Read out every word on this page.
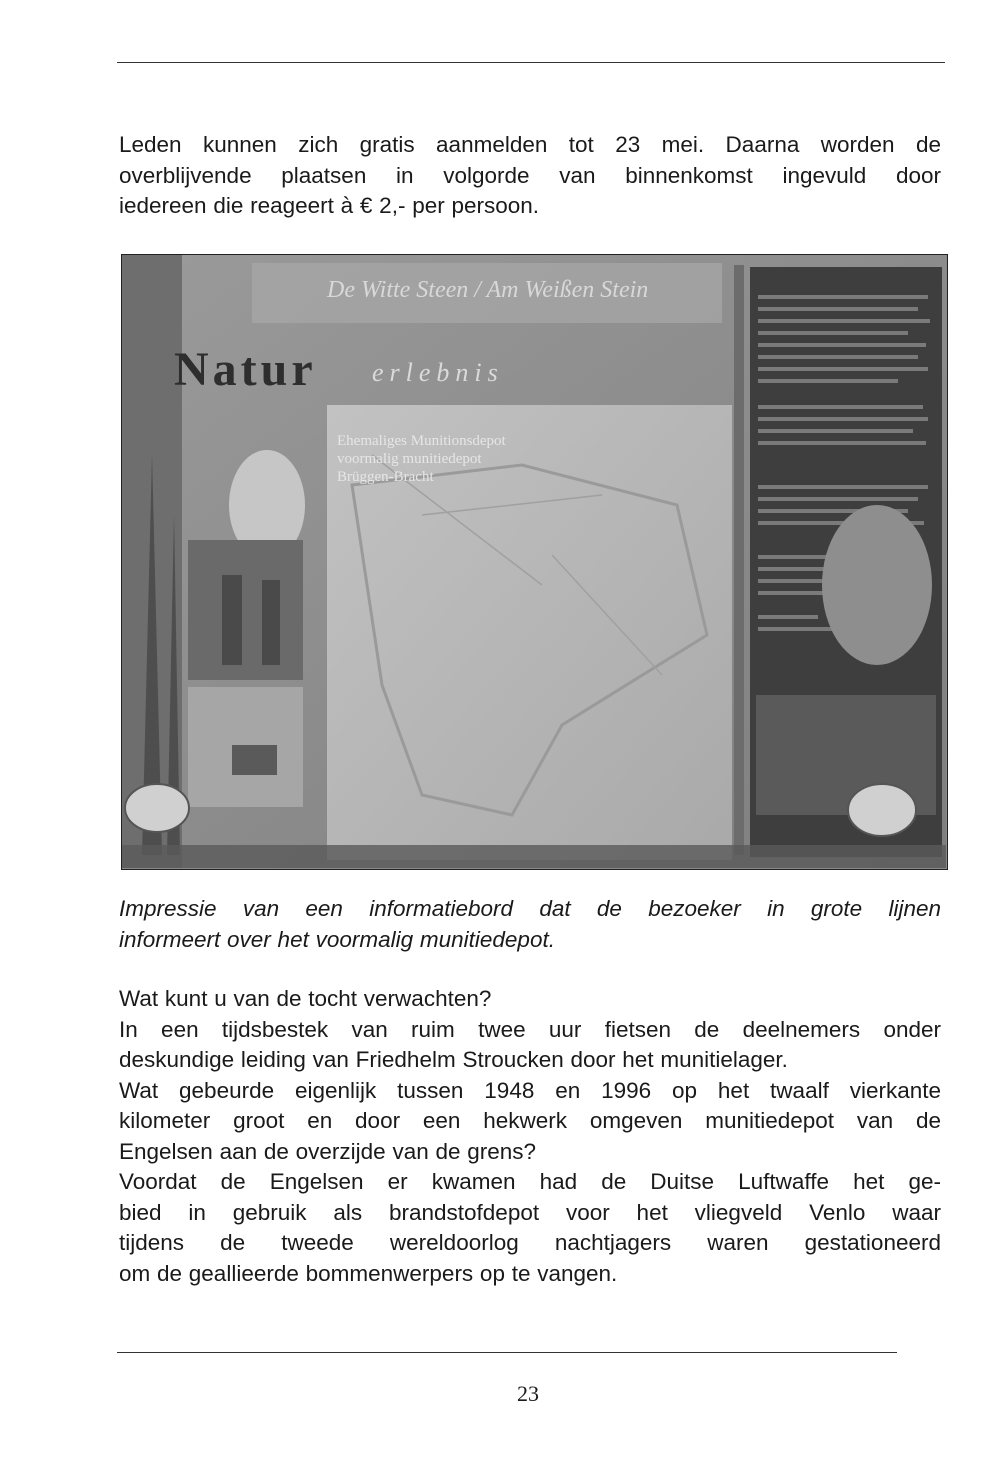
Leden kunnen zich gratis aanmelden tot 23 mei. Daarna worden de
overblijvende plaatsen in volgorde van binnenkomst ingevuld door
iedereen die reageert à € 2,- per persoon.
De Witte Steen / Am Weißen Stein
Natur erlebnis
Ehemaliges Munitionsdepot
voormalig munitiedepot
Brüggen-Bracht
Impressie van een informatiebord dat de bezoeker in grote lijnen
informeert over het voormalig munitiedepot.
Wat kunt u van de tocht verwachten?
In een tijdsbestek van ruim twee uur fietsen de deelnemers onder
deskundige leiding van Friedhelm Stroucken door het munitielager.
Wat gebeurde eigenlijk tussen 1948 en 1996 op het twaalf vierkante
kilometer groot en door een hekwerk omgeven munitiedepot van de
Engelsen aan de overzijde van de grens?
Voordat de Engelsen er kwamen had de Duitse Luftwaffe het ge-
bied in gebruik als brandstofdepot voor het vliegveld Venlo waar
tijdens de tweede wereldoorlog nachtjagers waren gestationeerd
om de geallieerde bommenwerpers op te vangen.
23
